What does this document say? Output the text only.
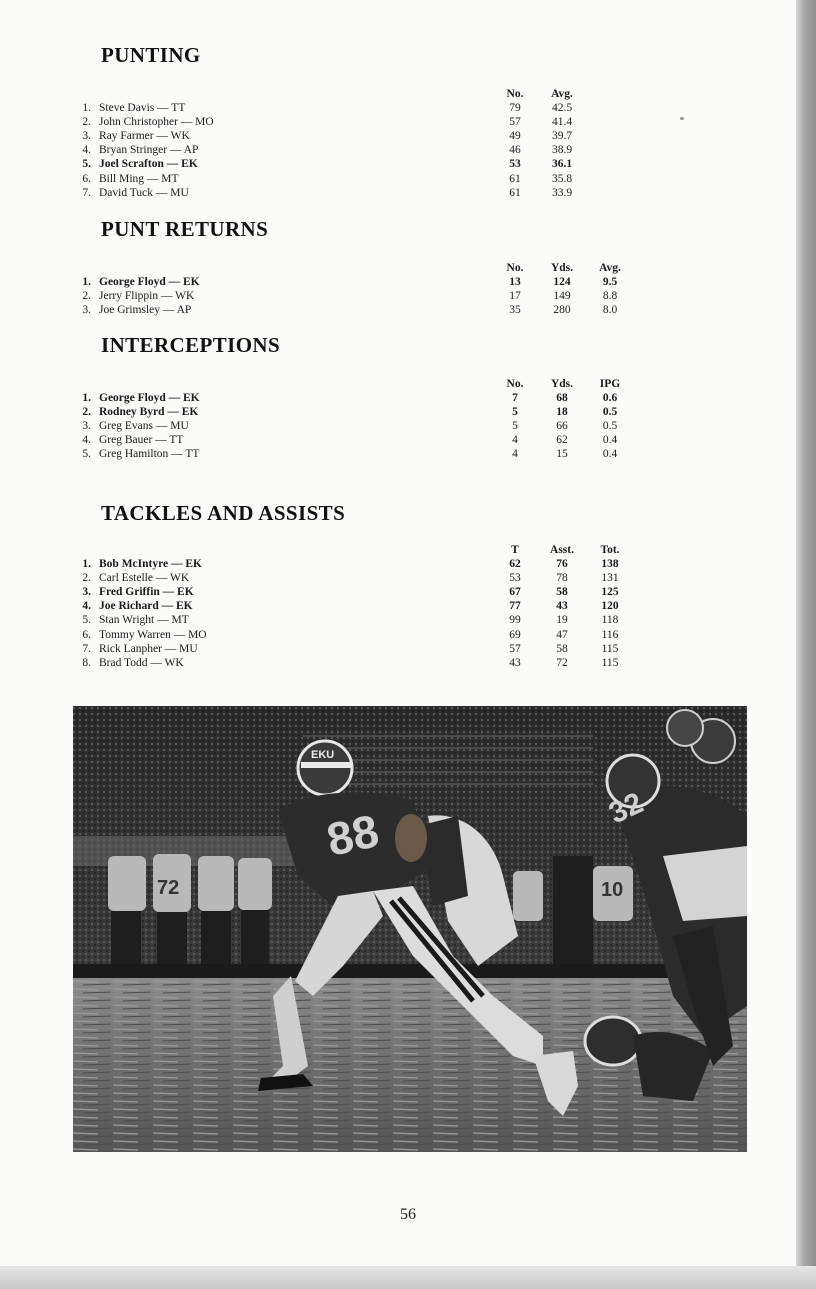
PUNTING
No.	Avg.
1. Steve Davis — TT	79	42.5
2. John Christopher — MO	57	41.4
3. Ray Farmer — WK	49	39.7
4. Bryan Stringer — AP	46	38.9
5. Joel Scrafton — EK	53	36.1
6. Bill Ming — MT	61	35.8
7. David Tuck — MU	61	33.9
PUNT RETURNS
No.	Yds.	Avg.
1. George Floyd — EK	13	124	9.5
2. Jerry Flippin — WK	17	149	8.8
3. Joe Grimsley — AP	35	280	8.0
INTERCEPTIONS
No.	Yds.	IPG
1. George Floyd — EK	7	68	0.6
2. Rodney Byrd — EK	5	18	0.5
3. Greg Evans — MU	5	66	0.5
4. Greg Bauer — TT	4	62	0.4
5. Greg Hamilton — TT	4	15	0.4
TACKLES AND ASSISTS
T	Asst.	Tot.
1. Bob McIntyre — EK	62	76	138
2. Carl Estelle — WK	53	78	131
3. Fred Griffin — EK	67	58	125
4. Joe Richard — EK	77	43	120
5. Stan Wright — MT	99	19	118
6. Tommy Warren — MO	69	47	116
7. Rick Lanpher — MU	57	58	115
8. Brad Todd — WK	43	72	115
72	10
EKU
88	32
56
